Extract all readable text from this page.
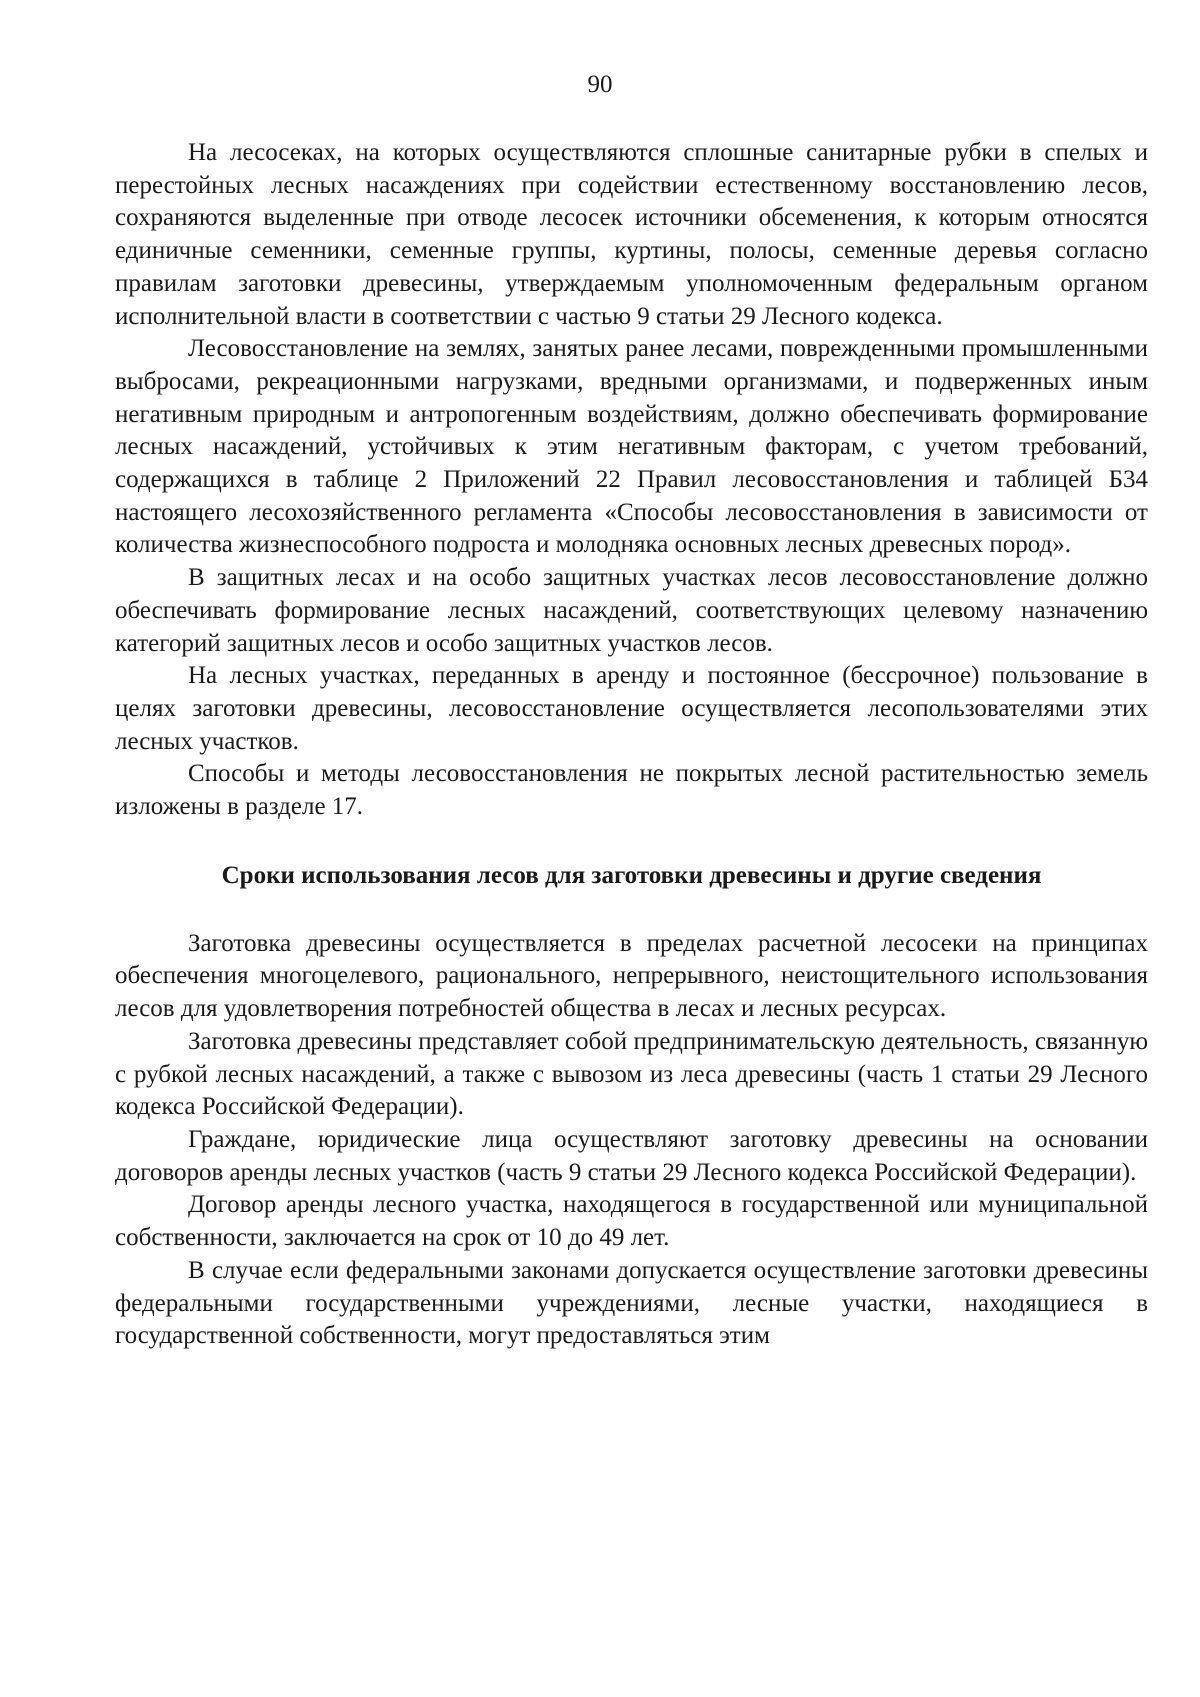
90

На лесосеках, на которых осуществляются сплошные санитарные рубки в спелых и перестойных лесных насаждениях при содействии естественному восстановлению лесов, сохраняются выделенные при отводе лесосек источники обсеменения, к которым относятся единичные семенники, семенные группы, куртины, полосы, семенные деревья согласно правилам заготовки древесины, утверждаемым уполномоченным федеральным органом исполнительной власти в соответствии с частью 9 статьи 29 Лесного кодекса.

Лесовосстановление на землях, занятых ранее лесами, поврежденными промышленными выбросами, рекреационными нагрузками, вредными организмами, и подверженных иным негативным природным и антропогенным воздействиям, должно обеспечивать формирование лесных насаждений, устойчивых к этим негативным факторам, с учетом требований, содержащихся в таблице 2 Приложений 22 Правил лесовосстановления и таблицей Б34 настоящего лесохозяйственного регламента «Способы лесовосстановления в зависимости от количества жизнеспособного подроста и молодняка основных лесных древесных пород».

В защитных лесах и на особо защитных участках лесов лесовосстановление должно обеспечивать формирование лесных насаждений, соответствующих целевому назначению категорий защитных лесов и особо защитных участков лесов.

На лесных участках, переданных в аренду и постоянное (бессрочное) пользование в целях заготовки древесины, лесовосстановление осуществляется лесопользователями этих лесных участков.

Способы и методы лесовосстановления не покрытых лесной растительностью земель изложены в разделе 17.

Сроки использования лесов для заготовки древесины и другие сведения

Заготовка древесины осуществляется в пределах расчетной лесосеки на принципах обеспечения многоцелевого, рационального, непрерывного, неистощительного использования лесов для удовлетворения потребностей общества в лесах и лесных ресурсах.

Заготовка древесины представляет собой предпринимательскую деятельность, связанную с рубкой лесных насаждений, а также с вывозом из леса древесины (часть 1 статьи 29 Лесного кодекса Российской Федерации).

Граждане, юридические лица осуществляют заготовку древесины на основании договоров аренды лесных участков (часть 9 статьи 29 Лесного кодекса Российской Федерации).

Договор аренды лесного участка, находящегося в государственной или муниципальной собственности, заключается на срок от 10 до 49 лет.

В случае если федеральными законами допускается осуществление заготовки древесины федеральными государственными учреждениями, лесные участки, находящиеся в государственной собственности, могут предоставляться этим
